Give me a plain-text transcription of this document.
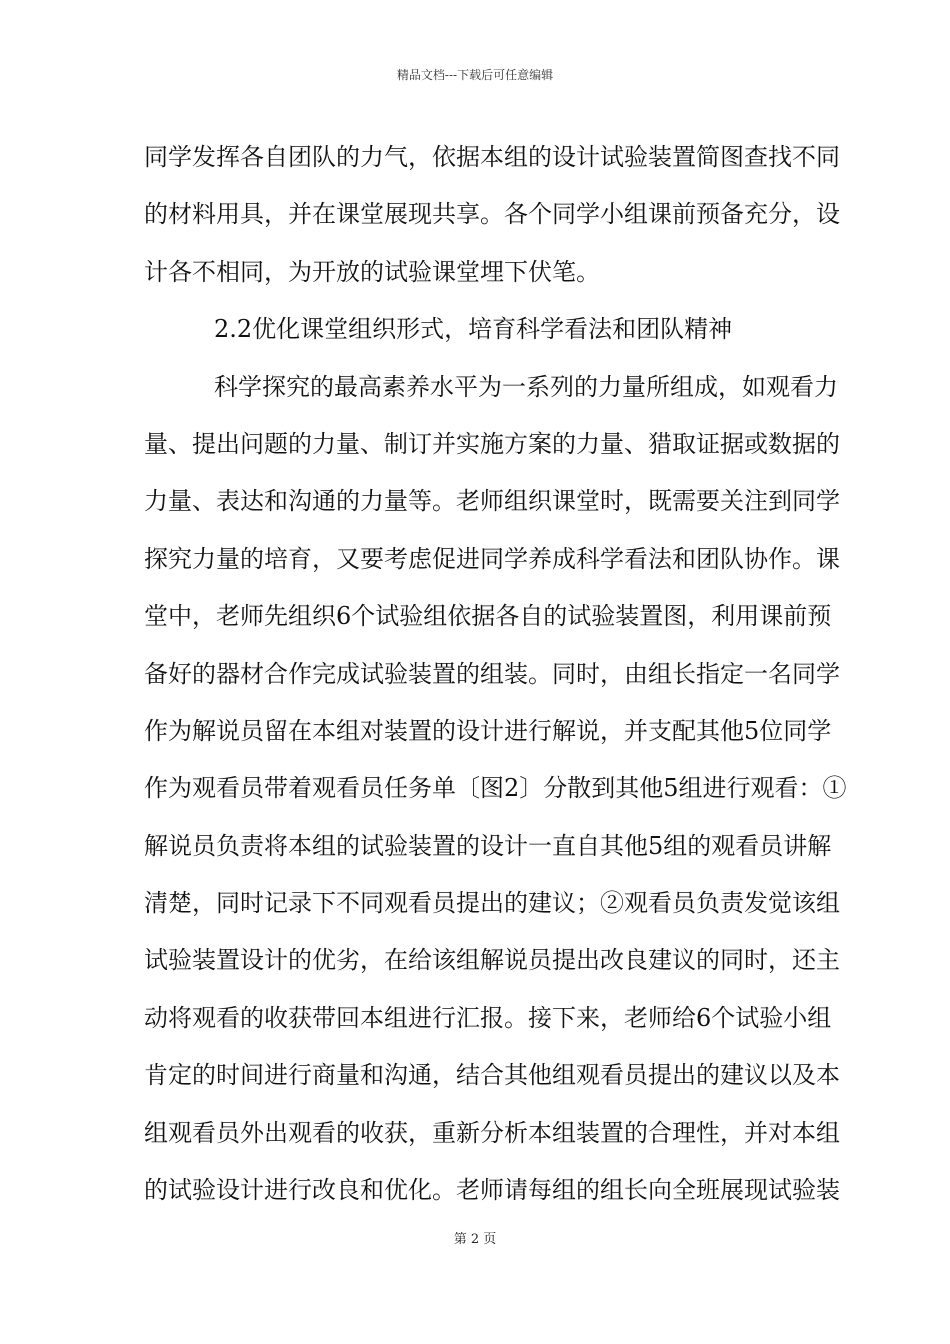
精品文档---下载后可任意编辑
同学发挥各自团队的力气，依据本组的设计试验装置简图查找不同
的材料用具，并在课堂展现共享。各个同学小组课前预备充分，设
计各不相同，为开放的试验课堂埋下伏笔。
2.2优化课堂组织形式，培育科学看法和团队精神
科学探究的最高素养水平为一系列的力量所组成，如观看力
量、提出问题的力量、制订并实施方案的力量、猎取证据或数据的
力量、表达和沟通的力量等。老师组织课堂时，既需要关注到同学
探究力量的培育，又要考虑促进同学养成科学看法和团队协作。课
堂中，老师先组织6个试验组依据各自的试验装置图，利用课前预
备好的器材合作完成试验装置的组装。同时，由组长指定一名同学
作为解说员留在本组对装置的设计进行解说，并支配其他5位同学
作为观看员带着观看员任务单〔图2〕分散到其他5组进行观看：①
解说员负责将本组的试验装置的设计一直自其他5组的观看员讲解
清楚，同时记录下不同观看员提出的建议；②观看员负责发觉该组
试验装置设计的优劣，在给该组解说员提出改良建议的同时，还主
动将观看的收获带回本组进行汇报。接下来，老师给6个试验小组
肯定的时间进行商量和沟通，结合其他组观看员提出的建议以及本
组观看员外出观看的收获，重新分析本组装置的合理性，并对本组
的试验设计进行改良和优化。老师请每组的组长向全班展现试验装
第 2 页
